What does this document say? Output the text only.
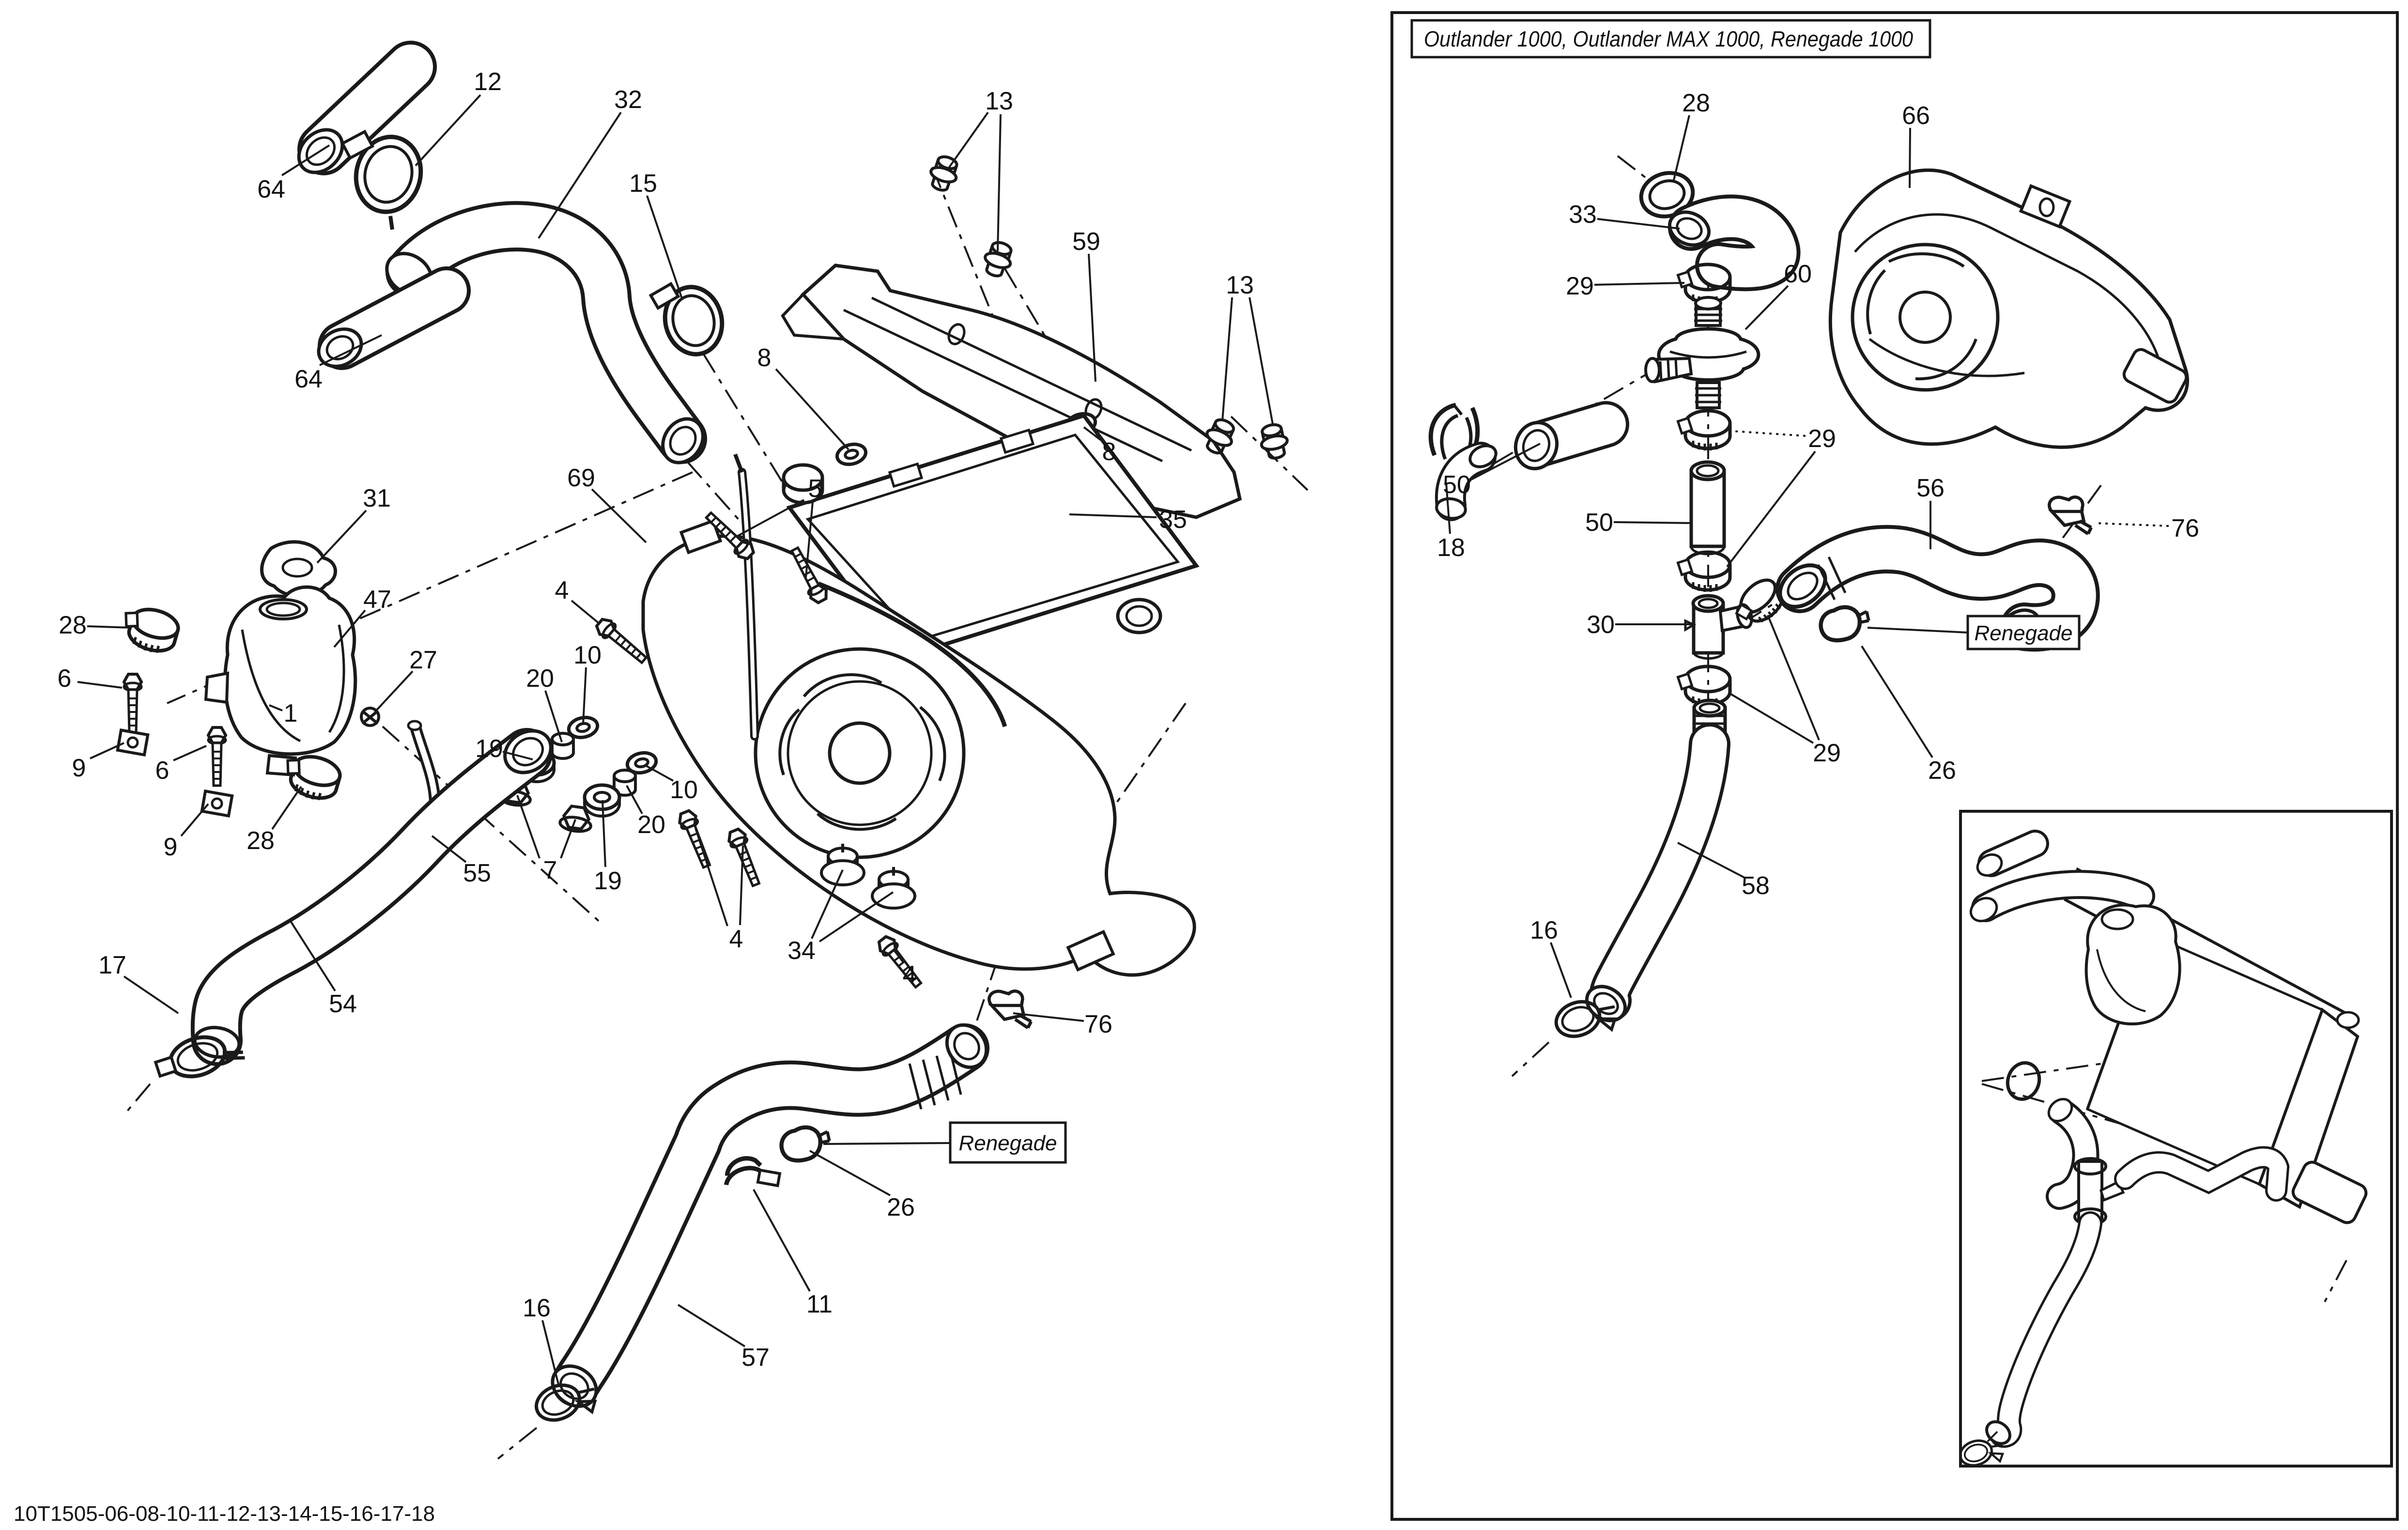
Outlander 1000, Outlander MAX 1000, Renegade 1000
12
32
15
64
64
13
59
13
8
8
35
31
47
28
6
9	6
9
27
28
55
1
69	5
4
20
10
19
10
20
19
7
4 34
4
54
17
16
57
11
26
76
28	66
33
29	60
50
18
29
50
30
56
76
26
29
58
16
Renegade
Renegade
10T1505-06-08-10-11-12-13-14-15-16-17-18
